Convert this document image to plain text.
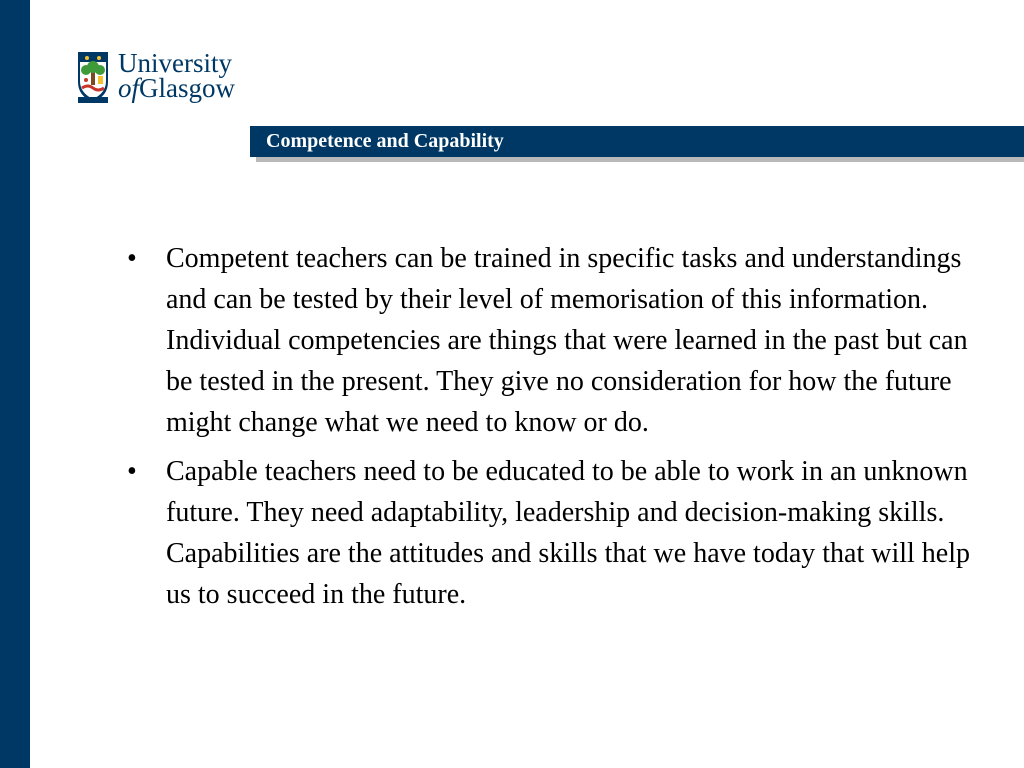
University
ofGlasgow
Competence and Capability
•	Competent teachers can be trained in specific tasks and understandings and can be tested by their level of memorisation of this information. Individual competencies are things that were learned in the past but can be tested in the present. They give no consideration for how the future might change what we need to know or do.
•	Capable teachers need to be educated to be able to work in an unknown future. They need adaptability, leadership and decision-making skills. Capabilities are the attitudes and skills that we have today that will help us to succeed in the future.
